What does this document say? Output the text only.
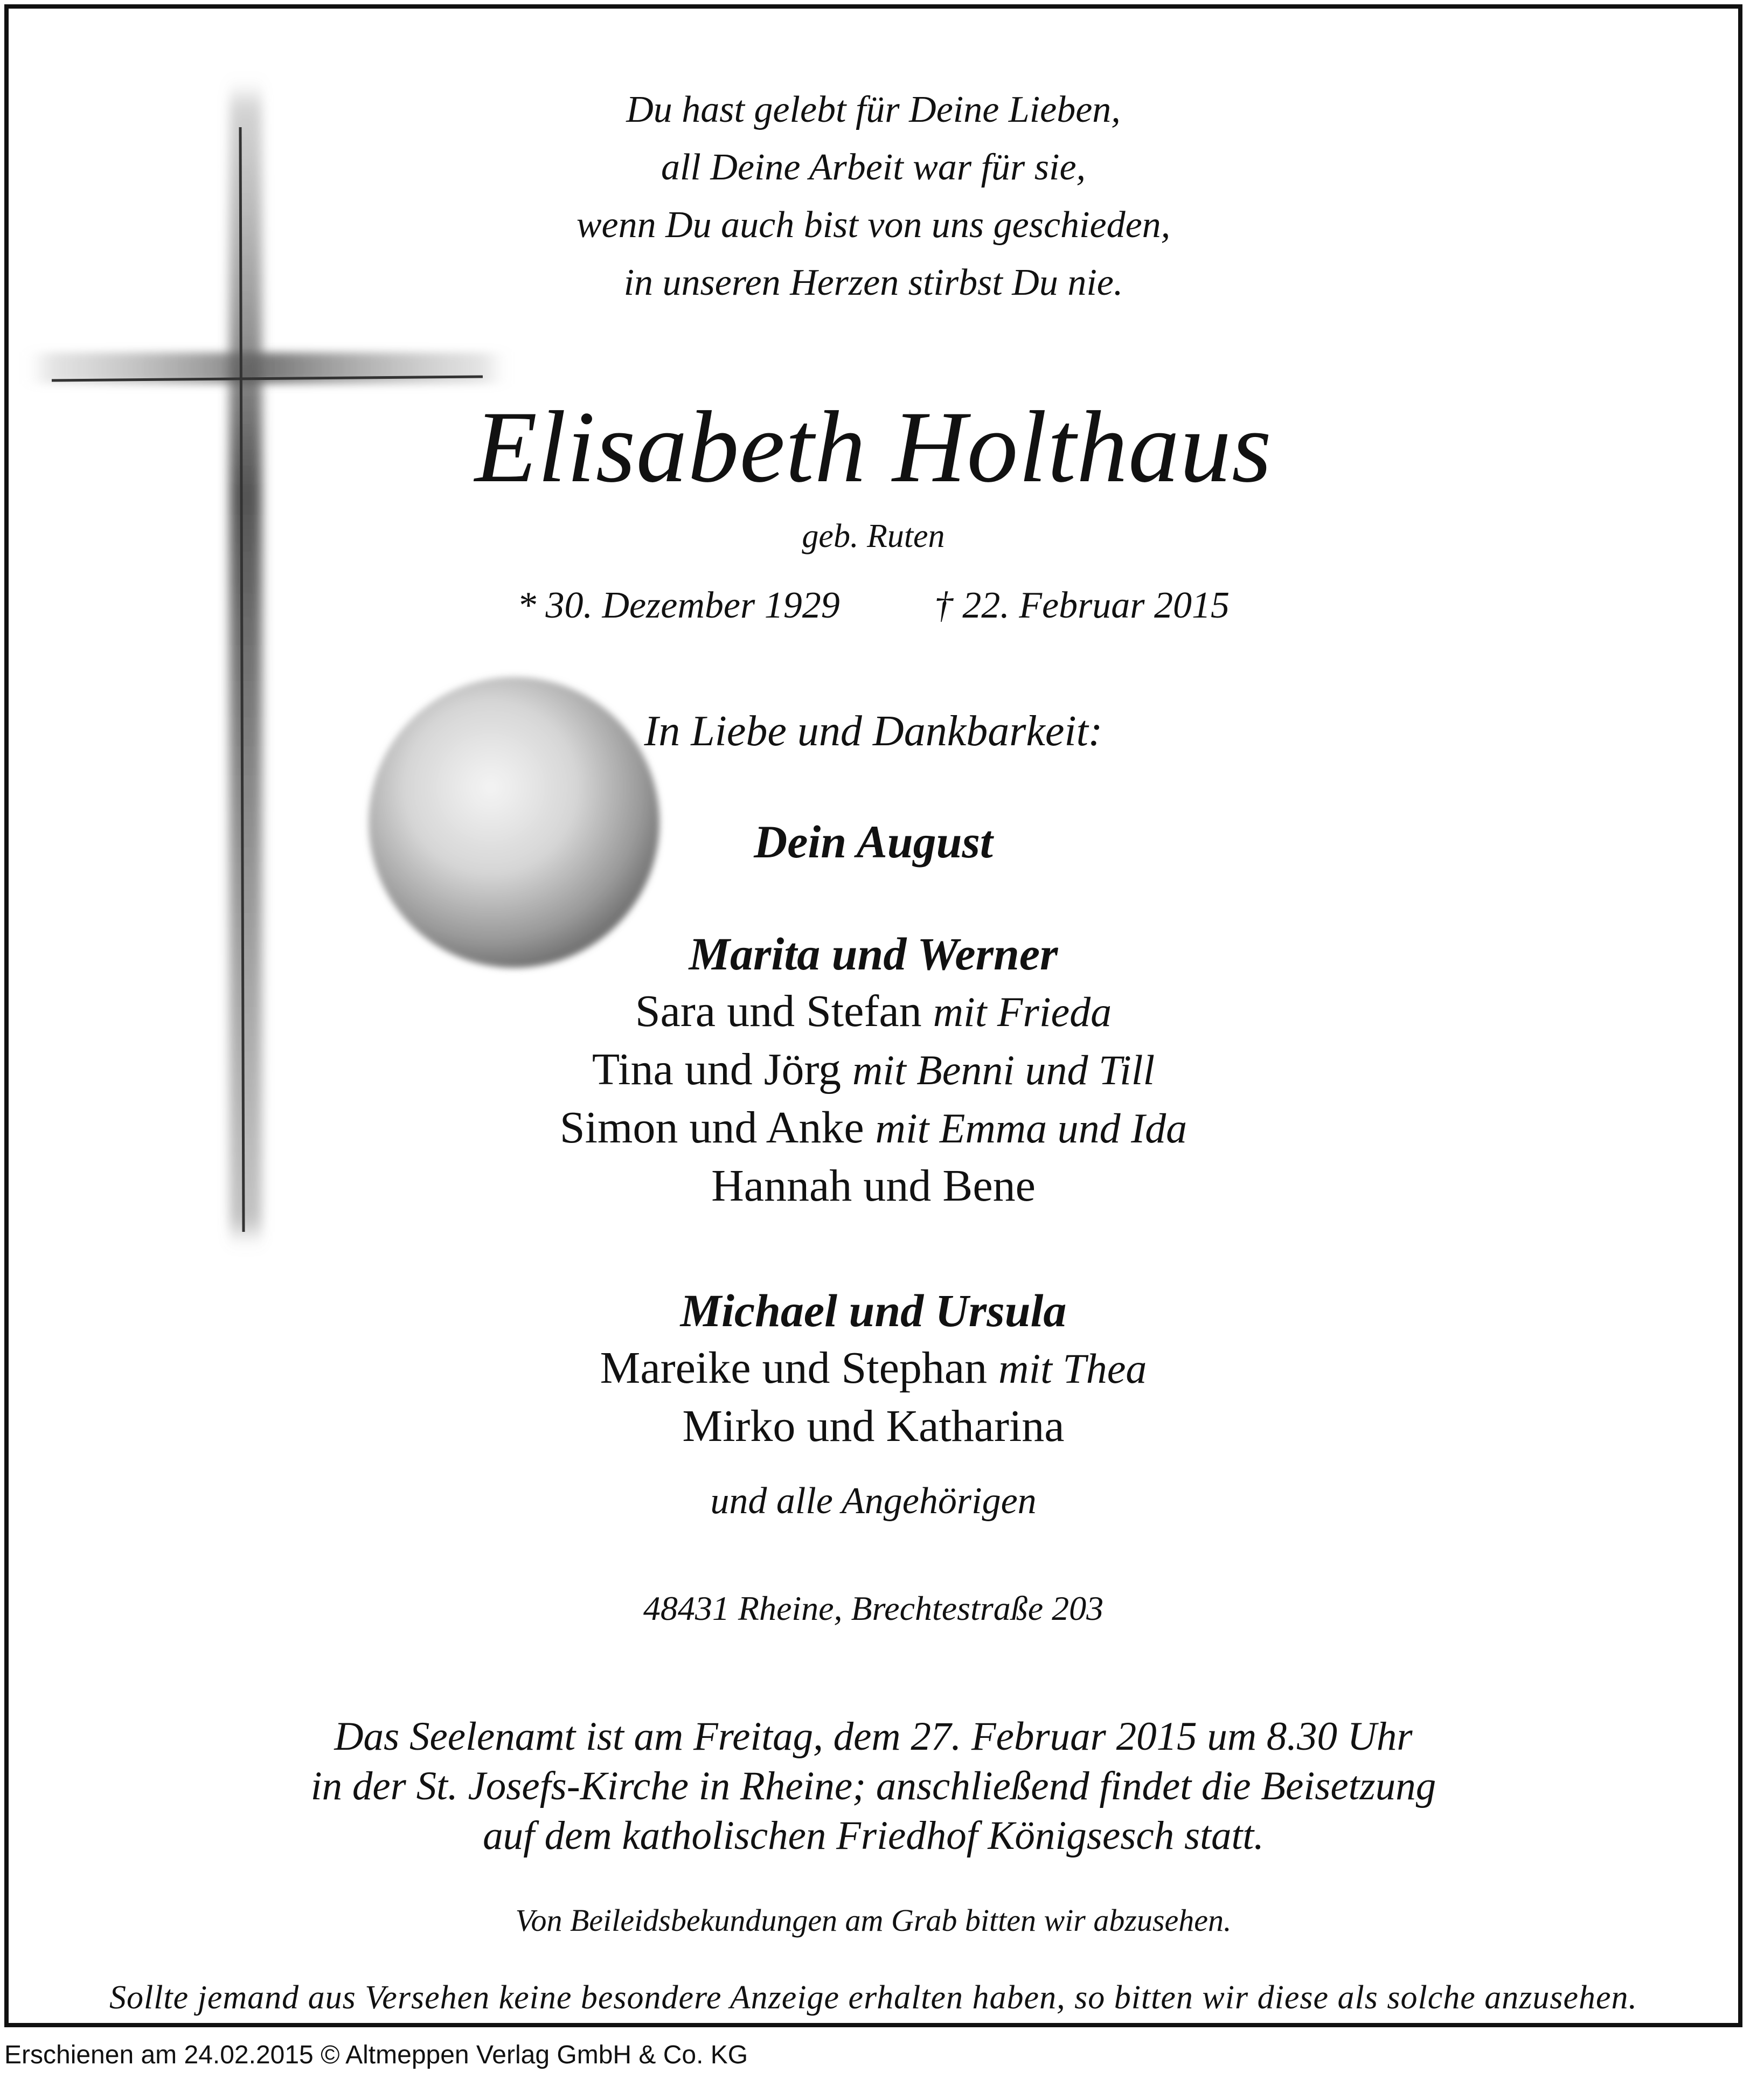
Du hast gelebt für Deine Lieben,
all Deine Arbeit war für sie,
wenn Du auch bist von uns geschieden,
in unseren Herzen stirbst Du nie.
Elisabeth Holthaus
geb. Ruten
* 30. Dezember 1929	† 22. Februar 2015
In Liebe und Dankbarkeit:
Dein August
Marita und Werner
Sara und Stefan mit Frieda
Tina und Jörg mit Benni und Till
Simon und Anke mit Emma und Ida
Hannah und Bene
Michael und Ursula
Mareike und Stephan mit Thea
Mirko und Katharina
und alle Angehörigen
48431 Rheine, Brechtestraße 203
Das Seelenamt ist am Freitag, dem 27. Februar 2015 um 8.30 Uhr
in der St. Josefs-Kirche in Rheine; anschließend findet die Beisetzung
auf dem katholischen Friedhof Königsesch statt.
Von Beileidsbekundungen am Grab bitten wir abzusehen.
Sollte jemand aus Versehen keine besondere Anzeige erhalten haben, so bitten wir diese als solche anzusehen.
Erschienen am 24.02.2015 © Altmeppen Verlag GmbH & Co. KG
